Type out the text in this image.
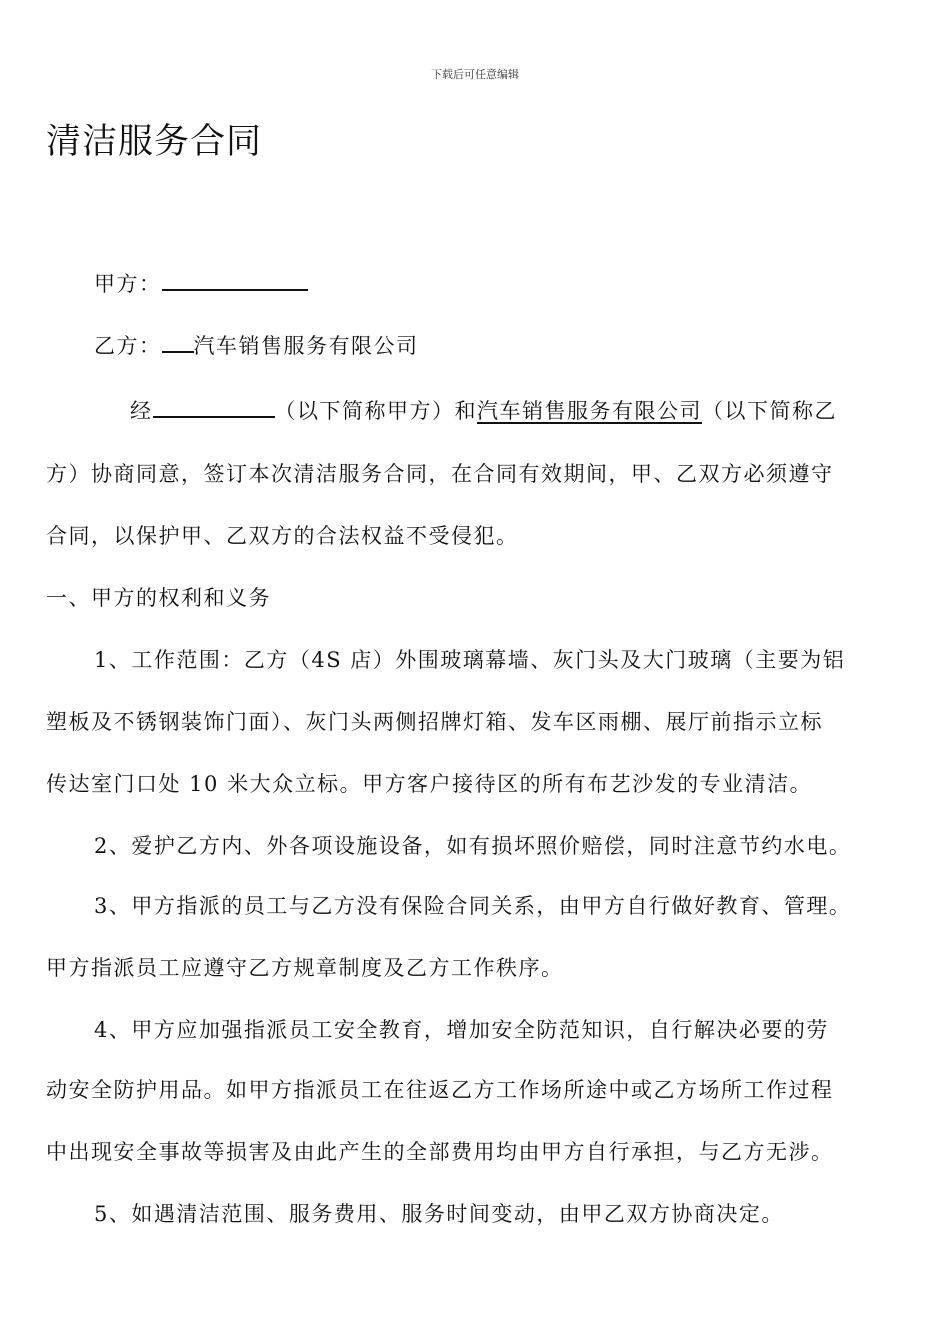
下载后可任意编辑
清洁服务合同
甲方：
乙方： 汽车销售服务有限公司
经	（以下简称甲方）和汽车销售服务有限公司（以下简称乙
方）协商同意，签订本次清洁服务合同，在合同有效期间，甲、乙双方必须遵守
合同，以保护甲、乙双方的合法权益不受侵犯。
一、甲方的权利和义务
1、工作范围：乙方（4S 店）外围玻璃幕墙、灰门头及大门玻璃（主要为铝
塑板及不锈钢装饰门面）、灰门头两侧招牌灯箱、发车区雨棚、展厅前指示立标
传达室门口处 10 米大众立标。甲方客户接待区的所有布艺沙发的专业清洁。
2、爱护乙方内、外各项设施设备，如有损坏照价赔偿，同时注意节约水电。
3、甲方指派的员工与乙方没有保险合同关系，由甲方自行做好教育、管理。
甲方指派员工应遵守乙方规章制度及乙方工作秩序。
4、甲方应加强指派员工安全教育，增加安全防范知识，自行解决必要的劳
动安全防护用品。如甲方指派员工在往返乙方工作场所途中或乙方场所工作过程
中出现安全事故等损害及由此产生的全部费用均由甲方自行承担，与乙方无涉。
5、如遇清洁范围、服务费用、服务时间变动，由甲乙双方协商决定。
